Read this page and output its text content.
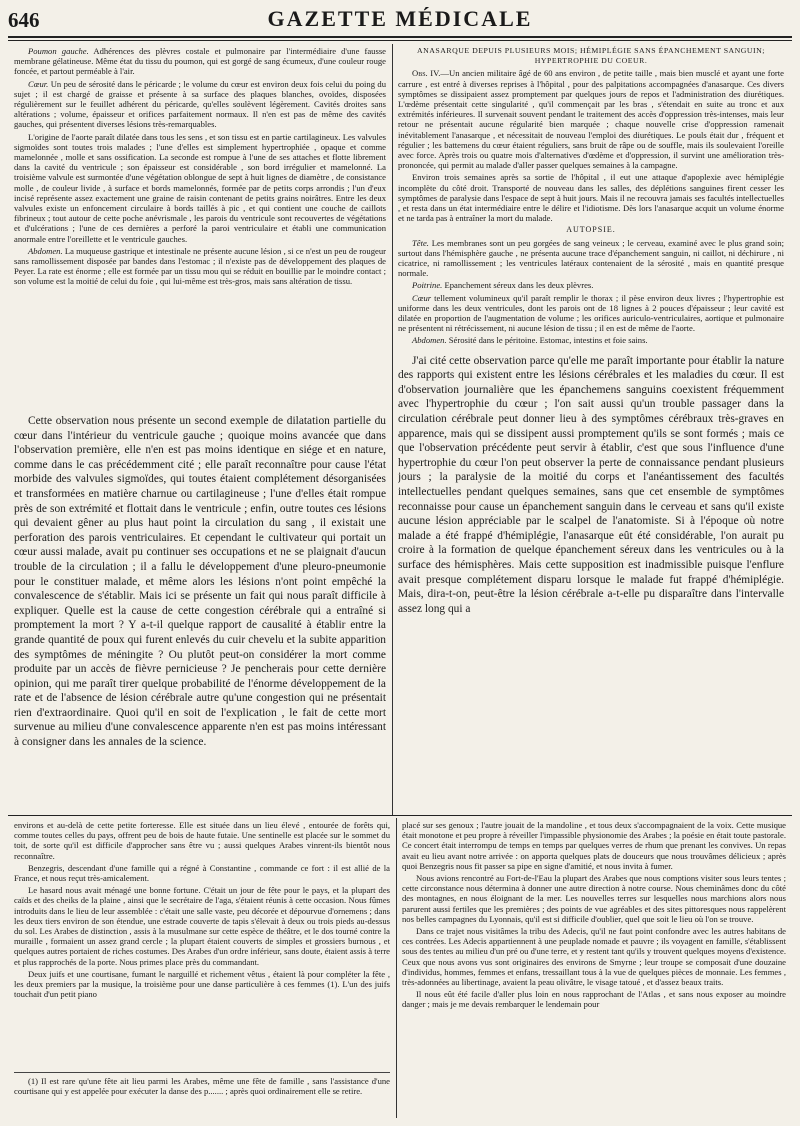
646	GAZETTE MÉDICALE

Poumon gauche. Adhérences des plèvres costale et pulmonaire par l'intermédiaire d'une fausse membrane gélatineuse. Même état du tissu du poumon, qui est gorgé de sang écumeux, d'une couleur rouge foncée, et partout perméable à l'air.

Cœur. Un peu de sérosité dans le péricarde ; le volume du cœur est environ deux fois celui du poing du sujet ; il est chargé de graisse et présente à sa surface des plaques blanches, ovoïdes, disposées régulièrement sur le feuillet adhérent du péricarde, qu'elles soulèvent légèrement. Cavités droites sans altérations ; volume, épaisseur et orifices parfaitement normaux. Il n'en est pas de même des cavités gauches, qui présentent diverses lésions très-remarquables.

L'origine de l'aorte paraît dilatée dans tous les sens , et son tissu est en partie cartilagineux. Les valvules sigmoïdes sont toutes trois malades ; l'une d'elles est simplement hypertrophiée , opaque et comme mamelonnée , molle et sans ossification. La seconde est rompue à l'une de ses attaches et flotte librement dans la cavité du ventricule ; son épaisseur est considérable , son bord irrégulier et mamelonné. La troisième valvule est surmontée d'une végétation oblongue de sept à huit lignes de diamètre , de consistance molle , de couleur livide , à surface et bords mamelonnés, formée par de petits corps arrondis ; l'un d'eux incisé représente assez exactement une graine de raisin contenant de petits grains noirâtres. Entre les deux valvules existe un enfoncement circulaire à bords taillés à pic , et qui contient une couche de caillots fibrineux ; tout autour de cette poche anévrismale , les parois du ventricule sont recouvertes de végétations et d'ulcérations ; l'une de ces dernières a perforé la paroi ventriculaire et établi une communication anormale entre l'oreillette et le ventricule gauches.

Abdomen. La muqueuse gastrique et intestinale ne présente aucune lésion , si ce n'est un peu de rougeur sans ramollissement disposée par bandes dans l'estomac ; il n'existe pas de développement des plaques de Peyer. La rate est énorme ; elle est formée par un tissu mou qui se réduit en bouillie par le moindre contact ; son volume est la moitié de celui du foie , qui lui-même est très-gros, mais sans altération de tissu.

Cette observation nous présente un second exemple de dilatation partielle du cœur dans l'intérieur du ventricule gauche ; quoique moins avancée que dans l'observation première, elle n'en est pas moins identique en siége et en nature, comme dans le cas précédemment cité ; elle paraît reconnaître pour cause l'état morbide des valvules sigmoïdes, qui toutes étaient complétement désorganisées et transformées en matière charnue ou cartilagineuse ; l'une d'elles était rompue près de son extrémité et flottait dans le ventricule ; enfin, outre toutes ces lésions qui devaient gêner au plus haut point la circulation du sang , il existait une perforation des parois ventriculaires. Et cependant le cultivateur qui portait un cœur aussi malade, avait pu continuer ses occupations et ne se plaignait d'aucun trouble de la circulation ; il a fallu le développement d'une pleuro-pneumonie pour le constituer malade, et même alors les lésions n'ont point empêché la convalescence de s'établir. Mais ici se présente un fait qui nous paraît difficile à expliquer. Quelle est la cause de cette congestion cérébrale qui a entraîné si promptement la mort ? Y a-t-il quelque rapport de causalité à établir entre la grande quantité de poux qui furent enlevés du cuir chevelu et la subite apparition des symptômes de méningite ? Ou plutôt peut-on considérer la mort comme produite par un accès de fièvre pernicieuse ? Je pencherais pour cette dernière opinion, qui me paraît tirer quelque probabilité de l'énorme développement de la rate et de l'absence de lésion cérébrale autre qu'une congestion qui ne présentait rien d'extraordinaire. Quoi qu'il en soit de l'explication , le fait de cette mort survenue au milieu d'une convalescence apparente n'en est pas moins intéressant à consigner dans les annales de la science.

ANASARQUE DEPUIS PLUSIEURS MOIS; HÉMIPLÉGIE SANS ÉPANCHEMENT SANGUIN; HYPERTROPHIE DU COEUR.

Obs. IV.—Un ancien militaire âgé de 60 ans environ , de petite taille , mais bien musclé et ayant une forte carrure , est entré à diverses reprises à l'hôpital , pour des palpitations accompagnées d'anasarque. Ces divers symptômes se dissipaient assez promptement par quelques jours de repos et l'administration des diurétiques. L'œdème présentait cette singularité , qu'il commençait par les bras , s'étendait en suite au tronc et aux extrémités inférieures. Il survenait souvent pendant le traitement des accès d'oppression très-intenses, mais leur retour ne présentait aucune régularité bien marquée ; chaque nouvelle crise d'oppression ramenait inévitablement l'anasarque , et nécessitait de nouveau l'emploi des diurétiques. Le pouls était dur , fréquent et régulier ; les battemens du cœur étaient réguliers, sans bruit de râpe ou de souffle, mais ils soulevaient l'oreille avec force. Après trois ou quatre mois d'alternatives d'œdème et d'oppression, il survint une amélioration très-prononcée, qui permit au malade d'aller passer quelques semaines à la campagne.

Environ trois semaines après sa sortie de l'hôpital , il eut une attaque d'apoplexie avec hémiplégie incomplète du côté droit. Transporté de nouveau dans les salles, des déplétions sanguines firent cesser les symptômes de paralysie dans l'espace de sept à huit jours. Mais il ne recouvra jamais ses facultés intellectuelles , et resta dans un état intermédiaire entre le délire et l'idiotisme. Dès lors l'anasarque acquit un volume énorme et ne tarda pas à entraîner la mort du malade.

AUTOPSIE.

Tête. Les membranes sont un peu gorgées de sang veineux ; le cerveau, examiné avec le plus grand soin; surtout dans l'hémisphère gauche , ne présenta aucune trace d'épanchement sanguin, ni caillot, ni déchirure , ni cicatrice, ni ramollissement ; les ventricules latéraux contenaient de la sérosité , mais en quantité presque normale.

Poitrine. Epanchement séreux dans les deux plèvres.

Cœur tellement volumineux qu'il paraît remplir le thorax ; il pèse environ deux livres ; l'hypertrophie est uniforme dans les deux ventricules, dont les parois ont de 18 lignes à 2 pouces d'épaisseur ; leur cavité est dilatée en proportion de l'augmentation de volume ; les orifices auriculo-ventriculaires, aortique et pulmonaire ne présentent ni rétrécissement, ni aucune lésion de tissu ; il en est de même de l'aorte.

Abdomen. Sérosité dans le péritoine. Estomac, intestins et foie sains.

J'ai cité cette observation parce qu'elle me paraît importante pour établir la nature des rapports qui existent entre les lésions cérébrales et les maladies du cœur. Il est d'observation journalière que les épanchemens sanguins coexistent fréquemment avec l'hypertrophie du cœur ; l'on sait aussi qu'un trouble passager dans la circulation cérébrale peut donner lieu à des symptômes cérébraux très-graves en apparence, mais qui se dissipent aussi promptement qu'ils se sont formés ; mais ce que l'observation précédente peut servir à établir, c'est que sous l'influence d'une hypertrophie du cœur l'on peut observer la perte de connaissance pendant plusieurs jours ; la paralysie de la moitié du corps et l'anéantissement des facultés intellectuelles pendant quelques semaines, sans que cet ensemble de symptômes reconnaisse pour cause un épanchement sanguin dans le cerveau et sans qu'il existe aucune lésion appréciable par le scalpel de l'anatomiste. Si à l'époque où notre malade a été frappé d'hémiplégie, l'anasarque eût été considérable, l'on aurait pu croire à la formation de quelque épanchement séreux dans les ventricules ou à la surface des hémisphères. Mais cette supposition est inadmissible puisque l'enflure avait presque complétement disparu lorsque le malade fut frappé d'hémiplégie. Mais, dira-t-on, peut-être la lésion cérébrale a-t-elle pu disparaître dans l'intervalle assez long qui a

environs et au-delà de cette petite forteresse. Elle est située dans un lieu élevé , entourée de forêts qui, comme toutes celles du pays, offrent peu de bois de haute futaie. Une sentinelle est placée sur le sommet du toit, de sorte qu'il est difficile d'approcher sans être vu ; aussi quelques Arabes vinrent-ils bientôt nous reconnaître.

Benzegris, descendant d'une famille qui a régné à Constantine , commande ce fort : il est allié de la France, et nous reçut très-amicalement.

Le hasard nous avait ménagé une bonne fortune. C'était un jour de fête pour le pays, et la plupart des caïds et des cheiks de la plaine , ainsi que le secrétaire de l'aga, s'étaient réunis à cette occasion. Nous fûmes introduits dans le lieu de leur assemblée : c'était une salle vaste, peu décorée et dépourvue d'ornemens ; dans les deux tiers environ de son étendue, une estrade couverte de tapis s'élevait à deux ou trois pieds au-dessus du sol. Les Arabes de distinction , assis à la musulmane sur cette espèce de théâtre, et le dos tourné contre la muraille , formaient un assez grand cercle ; la plupart étaient couverts de simples et grossiers burnous , et quelques autres portaient de riches costumes. Des Arabes d'un ordre inférieur, sans doute, étaient assis à terre et plus rapprochés de la porte. Nous primes place près du commandant.

Deux juifs et une courtisane, fumant le narguillé et richement vêtus , étaient là pour compléter la fête , les deux premiers par la musique, la troisième pour une danse particulière à ces femmes (1). L'un des juifs touchait d'un petit piano

(1) Il est rare qu'une fête ait lieu parmi les Arabes, même une fête de famille , sans l'assistance d'une courtisane qui y est appelée pour exécuter la danse des p....... ; après quoi ordinairement elle se retire.

placé sur ses genoux ; l'autre jouait de la mandoline , et tous deux s'accompagnaient de la voix. Cette musique était monotone et peu propre à réveiller l'impassible physionomie des Arabes ; la poésie en était toute pastorale. Ce concert était interrompu de temps en temps par quelques verres de rhum que prenant les convives. Un repas avait eu lieu avant notre arrivée : on apporta quelques plats de douceurs que nous trouvâmes délicieux ; après quoi Benzegris nous fit passer sa pipe en signe d'amitié, et nous invita à fumer.

Nous avions rencontré au Fort-de-l'Eau la plupart des Arabes que nous comptions visiter sous leurs tentes ; cette circonstance nous détermina à donner une autre direction à notre course. Nous cheminâmes donc du côté des montagnes, en nous éloignant de la mer. Les nouvelles terres sur lesquelles nous marchions alors nous parurent aussi fertiles que les premières ; des points de vue agréables et des sites pittoresques nous rappelèrent nos belles campagnes du Lyonnais, qu'il est si difficile d'oublier, quel que soit le lieu où l'on se trouve.

Dans ce trajet nous visitâmes la tribu des Adecis, qu'il ne faut point confondre avec les autres habitans de ces contrées. Les Adecis appartiennent à une peuplade nomade et pauvre ; ils voyagent en famille, s'établissent sous des tentes au milieu d'un pré ou d'une terre, et y restent tant qu'ils y trouvent quelques moyens d'existence. Ceux que nous avons vus sont originaires des environs de Smyrne ; leur troupe se composait d'une douzaine d'individus, hommes, femmes et enfans, tressaillant tous à la vue de quelques pièces de monnaie. Les femmes , très-adonnées au libertinage, avaient la peau olivâtre, le visage tatoué , et d'assez beaux traits.

Il nous eût été facile d'aller plus loin en nous rapprochant de l'Atlas , et sans nous exposer au moindre danger ; mais je me devais rembarquer le lendemain pour
